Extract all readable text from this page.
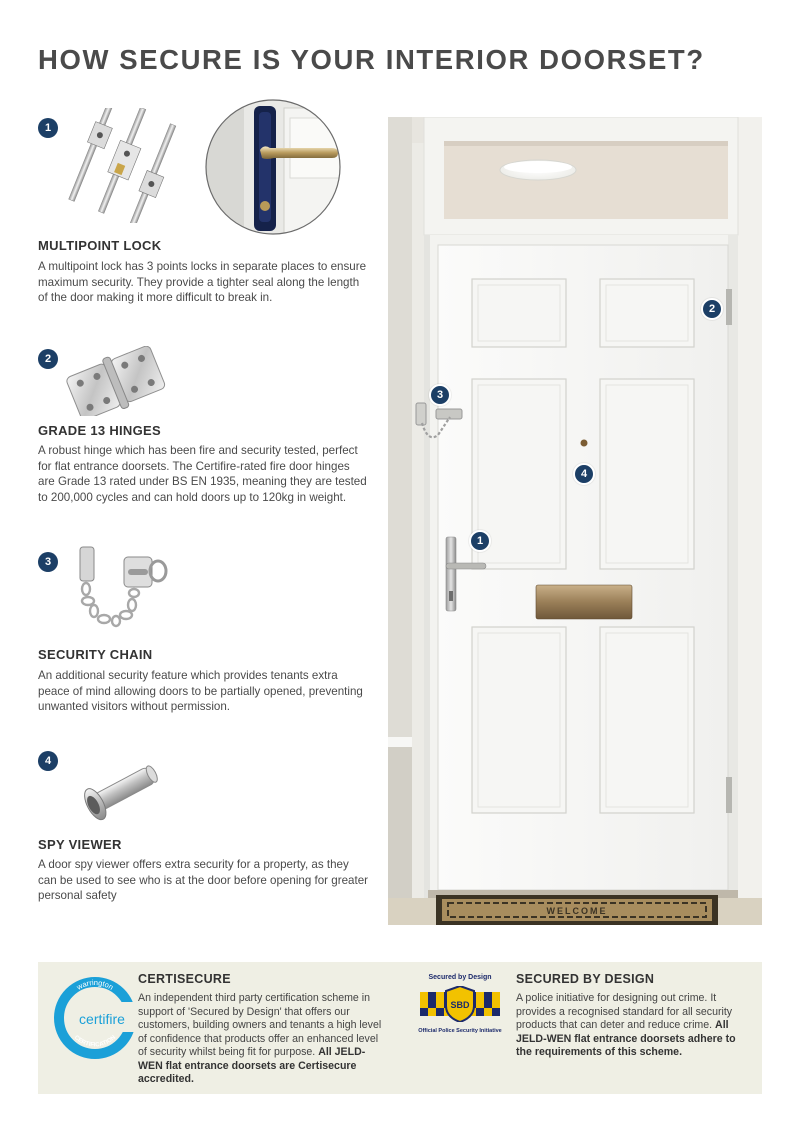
HOW SECURE IS YOUR INTERIOR DOORSET?
1
MULTIPOINT LOCK

A multipoint lock has 3 points locks in separate places to ensure maximum security. They provide a tighter seal along the length of the door making it more difficult to break in.

2
GRADE 13 HINGES

A robust hinge which has been fire and security tested, perfect for flat entrance doorsets. The Certifire-rated fire door hinges are Grade 13 rated under BS EN 1935, meaning they are tested to 200,000 cycles and can hold doors up to 120kg in weight.

3
SECURITY CHAIN

An additional security feature which provides tenants extra peace of mind allowing doors to be partially opened, preventing unwanted visitors without permission.

4
SPY VIEWER

A door spy viewer offers extra security for a property, as they can be used to see who is at the door before opening for greater personal safety

WELCOME
2
3
4
1
warrington
CERTIFICATION
certifire
CERTISECURE

An independent third party certification scheme in support of 'Secured by Design' that offers our customers, building owners and tenants a high level of confidence that products offer an enhanced level of security whilst being fit for purpose. All JELD-WEN flat entrance doorsets are Certisecure accredited.

Secured by Design
SBD
Official Police Security Initiative
SECURED BY DESIGN

A police initiative for designing out crime. It provides a recognised standard for all security products that can deter and reduce crime. All JELD-WEN flat entrance doorsets adhere to the requirements of this scheme.
